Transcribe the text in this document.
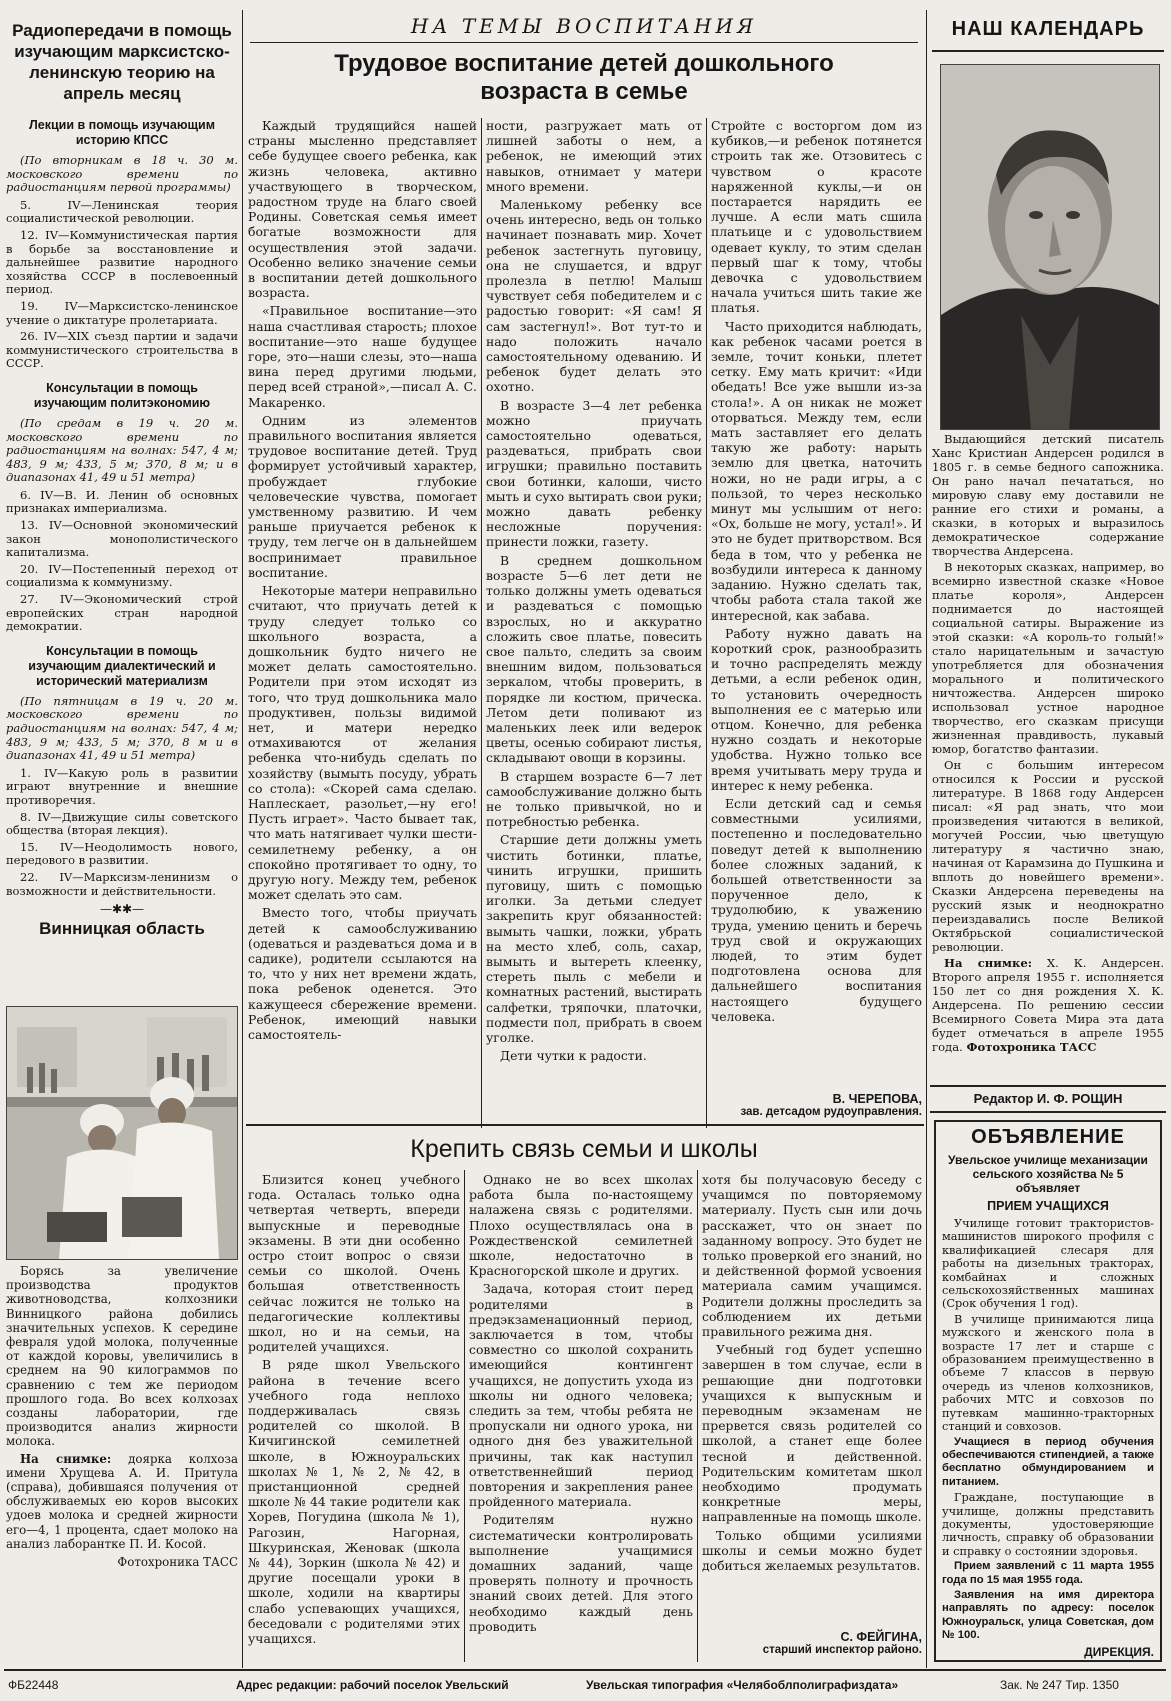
Радиопередачи в помощь изучающим марксистско-ленинскую теорию на апрель месяц
Лекции в помощь изучающим историю КПСС
(По вторникам в 18 ч. 30 м. московского времени по радиостанциям первой программы)

5. IV—Ленинская теория социалистической революции.

12. IV—Коммунистическая партия в борьбе за восстановление и дальнейшее развитие народного хозяйства СССР в послевоенный период.

19. IV—Марксистско-ленинское учение о диктатуре пролетариата.

26. IV—XIX съезд партии и задачи коммунистического строительства в СССР.

Консультации в помощь изучающим политэкономию
(По средам в 19 ч. 20 м. московского времени по радиостанциям на волнах: 547, 4 м; 483, 9 м; 433, 5 м; 370, 8 м; и в диапазонах 41, 49 и 51 метра)

6. IV—В. И. Ленин об основных признаках империализма.

13. IV—Основной экономический закон монополистического капитализма.

20. IV—Постепенный переход от социализма к коммунизму.

27. IV—Экономический строй европейских стран народной демократии.

Консультации в помощь изучающим диалектический и исторический материализм
(По пятницам в 19 ч. 20 м. московского времени по радиостанциям на волнах: 547, 4 м; 483, 9 м; 433, 5 м; 370, 8 м и в диапазонах 41, 49 и 51 метра)

1. IV—Какую роль в развитии играют внутренние и внешние противоречия.

8. IV—Движущие силы советского общества (вторая лекция).

15. IV—Неодолимость нового, передового в развитии.

22. IV—Марксизм-ленинизм о возможности и действительности.

—✱✱—
Винницкая область

Борясь за увеличение производства продуктов животноводства, колхозники Винницкого района добились значительных успехов. К середине февраля удой молока, полученные от каждой коровы, увеличились в среднем на 90 килограммов по сравнению с тем же периодом прошлого года. Во всех колхозах созданы лаборатории, где производится анализ жирности молока.

На снимке: доярка колхоза имени Хрущева А. И. Притула (справа), добившаяся получения от обслуживаемых ею коров высоких удоев молока и средней жирности его—4, 1 процента, сдает молоко на анализ лаборантке П. И. Косой.

Фотохроника ТАСС
НА ТЕМЫ ВОСПИТАНИЯ
Трудовое воспитание детей дошкольного возраста в семье

Каждый трудящийся нашей страны мысленно представляет себе будущее своего ребенка, как жизнь человека, активно участвующего в творческом, радостном труде на благо своей Родины. Советская семья имеет богатые возможности для осуществления этой задачи. Особенно велико значение семьи в воспитании детей дошкольного возраста.

«Правильное воспитание—это наша счастливая старость; плохое воспитание—это наше будущее горе, это—наши слезы, это—наша вина перед другими людьми, перед всей страной»,—писал А. С. Макаренко.

Одним из элементов правильного воспитания является трудовое воспитание детей. Труд формирует устойчивый характер, пробуждает глубокие человеческие чувства, помогает умственному развитию. И чем раньше приучается ребенок к труду, тем легче он в дальнейшем воспринимает правильное воспитание.

Некоторые матери неправильно считают, что приучать детей к труду следует только со школьного возраста, а дошкольник будто ничего не может делать самостоятельно. Родители при этом исходят из того, что труд дошкольника мало продуктивен, пользы видимой нет, и матери нередко отмахиваются от желания ребенка что-нибудь сделать по хозяйству (вымыть посуду, убрать со стола): «Скорей сама сделаю. Наплескает, разольет,—ну его! Пусть играет». Часто бывает так, что мать натягивает чулки шести-семилетнему ребенку, а он спокойно протягивает то одну, то другую ногу. Между тем, ребенок может сделать это сам.

Вместо того, чтобы приучать детей к самообслуживанию (одеваться и раздеваться дома и в садике), родители ссылаются на то, что у них нет времени ждать, пока ребенок оденется. Это кажущееся сбережение времени. Ребенок, имеющий навыки самостоятель-

ности, разгружает мать от лишней заботы о нем, а ребенок, не имеющий этих навыков, отнимает у матери много времени.

Маленькому ребенку все очень интересно, ведь он только начинает познавать мир. Хочет ребенок застегнуть пуговицу, она не слушается, и вдруг пролезла в петлю! Малыш чувствует себя победителем и с радостью говорит: «Я сам! Я сам застегнул!». Вот тут-то и надо положить начало самостоятельному одеванию. И ребенок будет делать это охотно.

В возрасте 3—4 лет ребенка можно приучать самостоятельно одеваться, раздеваться, прибрать свои игрушки; правильно поставить свои ботинки, калоши, чисто мыть и сухо вытирать свои руки; можно давать ребенку несложные поручения: принести ложки, газету.

В среднем дошкольном возрасте 5—6 лет дети не только должны уметь одеваться и раздеваться с помощью взрослых, но и аккуратно сложить свое платье, повесить свое пальто, следить за своим внешним видом, пользоваться зеркалом, чтобы проверить, в порядке ли костюм, прическа. Летом дети поливают из маленьких леек или ведерок цветы, осенью собирают листья, складывают овощи в корзины.

В старшем возрасте 6—7 лет самообслуживание должно быть не только привычкой, но и потребностью ребенка.

Старшие дети должны уметь чистить ботинки, платье, чинить игрушки, пришить пуговицу, шить с помощью иголки. За детьми следует закрепить круг обязанностей: вымыть чашки, ложки, убрать на место хлеб, соль, сахар, вымыть и вытереть клеенку, стереть пыль с мебели и комнатных растений, выстирать салфетки, тряпочки, платочки, подмести пол, прибрать в своем уголке.

Дети чутки к радости.

Стройте с восторгом дом из кубиков,—и ребенок потянется строить так же. Отзовитесь с чувством о красоте наряженной куклы,—и он постарается нарядить ее лучше. А если мать сшила платьице и с удовольствием одевает куклу, то этим сделан первый шаг к тому, чтобы девочка с удовольствием начала учиться шить такие же платья.

Часто приходится наблюдать, как ребенок часами роется в земле, точит коньки, плетет сетку. Ему мать кричит: «Иди обедать! Все уже вышли из-за стола!». А он никак не может оторваться. Между тем, если мать заставляет его делать такую же работу: нарыть землю для цветка, наточить ножи, но не ради игры, а с пользой, то через несколько минут мы услышим от него: «Ох, больше не могу, устал!». И это не будет притворством. Вся беда в том, что у ребенка не возбудили интереса к данному заданию. Нужно сделать так, чтобы работа стала такой же интересной, как забава.

Работу нужно давать на короткий срок, разнообразить и точно распределять между детьми, а если ребенок один, то установить очередность выполнения ее с матерью или отцом. Конечно, для ребенка нужно создать и некоторые удобства. Нужно только все время учитывать меру труда и интерес к нему ребенка.

Если детский сад и семья совместными усилиями, постепенно и последовательно поведут детей к выполнению более сложных заданий, к большей ответственности за порученное дело, к трудолюбию, к уважению труда, умению ценить и беречь труд свой и окружающих людей, то этим будет подготовлена основа для дальнейшего воспитания настоящего будущего человека.

В. ЧЕРЕПОВА,
зав. детсадом рудоуправления.
Крепить связь семьи и школы

Близится конец учебного года. Осталась только одна четвертая четверть, впереди выпускные и переводные экзамены. В эти дни особенно остро стоит вопрос о связи семьи со школой. Очень большая ответственность сейчас ложится не только на педагогические коллективы школ, но и на семьи, на родителей учащихся.

В ряде школ Увельского района в течение всего учебного года неплохо поддерживалась связь родителей со школой. В Кичигинской семилетней школе, в Южноуральских школах № 1, № 2, № 42, в пристанционной средней школе № 44 такие родители как Хорев, Погудина (школа № 1), Рагозин, Нагорная, Шкуринская, Женовак (школа № 44), Зоркин (школа № 42) и другие посещали уроки в школе, ходили на квартиры слабо успевающих учащихся, беседовали с родителями этих учащихся.

Однако не во всех школах работа была по-настоящему налажена связь с родителями. Плохо осуществлялась она в Рождественской семилетней школе, недостаточно в Красногорской школе и других.

Задача, которая стоит перед родителями в предэкзаменационный период, заключается в том, чтобы совместно со школой сохранить имеющийся контингент учащихся, не допустить ухода из школы ни одного человека; следить за тем, чтобы ребята не пропускали ни одного урока, ни одного дня без уважительной причины, так как наступил ответственнейший период повторения и закрепления ранее пройденного материала.

Родителям нужно систематически контролировать выполнение учащимися домашних заданий, чаще проверять полноту и прочность знаний своих детей. Для этого необходимо каждый день проводить

хотя бы получасовую беседу с учащимся по повторяемому материалу. Пусть сын или дочь расскажет, что он знает по заданному вопросу. Это будет не только проверкой его знаний, но и действенной формой усвоения материала самим учащимся. Родители должны проследить за соблюдением их детьми правильного режима дня.

Учебный год будет успешно завершен в том случае, если в решающие дни подготовки учащихся к выпускным и переводным экзаменам не прервется связь родителей со школой, а станет еще более тесной и действенной. Родительским комитетам школ необходимо продумать конкретные меры, направленные на помощь школе.

Только общими усилиями школы и семьи можно будет добиться желаемых результатов.

С. ФЕЙГИНА,
старший инспектор районо.
НАШ КАЛЕНДАРЬ

Выдающийся детский писатель Ханс Кристиан Андерсен родился в 1805 г. в семье бедного сапожника. Он рано начал печататься, но мировую славу ему доставили не ранние его стихи и романы, а сказки, в которых и выразилось демократическое содержание творчества Андерсена.

В некоторых сказках, например, во всемирно известной сказке «Новое платье короля», Андерсен поднимается до настоящей социальной сатиры. Выражение из этой сказки: «А король-то голый!» стало нарицательным и зачастую употребляется для обозначения морального и политического ничтожества. Андерсен широко использовал устное народное творчество, его сказкам присущи жизненная правдивость, лукавый юмор, богатство фантазии.

Он с большим интересом относился к России и русской литературе. В 1868 году Андерсен писал: «Я рад знать, что мои произведения читаются в великой, могучей России, чью цветущую литературу я частично знаю, начиная от Карамзина до Пушкина и вплоть до новейшего времени». Сказки Андерсена переведены на русский язык и неоднократно переиздавались после Великой Октябрьской социалистической революции.

На снимке: Х. К. Андерсен. Второго апреля 1955 г. исполняется 150 лет со дня рождения Х. К. Андерсена. По решению сессии Всемирного Совета Мира эта дата будет отмечаться в апреле 1955 года. Фотохроника ТАСС

Редактор И. Ф. РОЩИН
ОБЪЯВЛЕНИЕ
Увельское училище механизации сельского хозяйства № 5 объявляет
ПРИЕМ УЧАЩИХСЯ

Училище готовит трактористов-машинистов широкого профиля с квалификацией слесаря для работы на дизельных тракторах, комбайнах и сложных сельскохозяйственных машинах (Срок обучения 1 год).

В училище принимаются лица мужского и женского пола в возрасте 17 лет и старше с образованием преимущественно в объеме 7 классов в первую очередь из членов колхозников, рабочих МТС и совхозов по путевкам машинно-тракторных станций и совхозов.

Учащиеся в период обучения обеспечиваются стипендией, а также бесплатно обмундированием и питанием.

Граждане, поступающие в училище, должны представить документы, удостоверяющие личность, справку об образовании и справку о состоянии здоровья.

Прием заявлений с 11 марта 1955 года по 15 мая 1955 года.

Заявления на имя директора направлять по адресу: поселок Южноуральск, улица Советская, дом № 100.

ДИРЕКЦИЯ.
ФБ22448	Адрес редакции: рабочий поселок Увельский	Увельская типография «Челябоблполиграфиздата»	Зак. № 247 Тир. 1350
